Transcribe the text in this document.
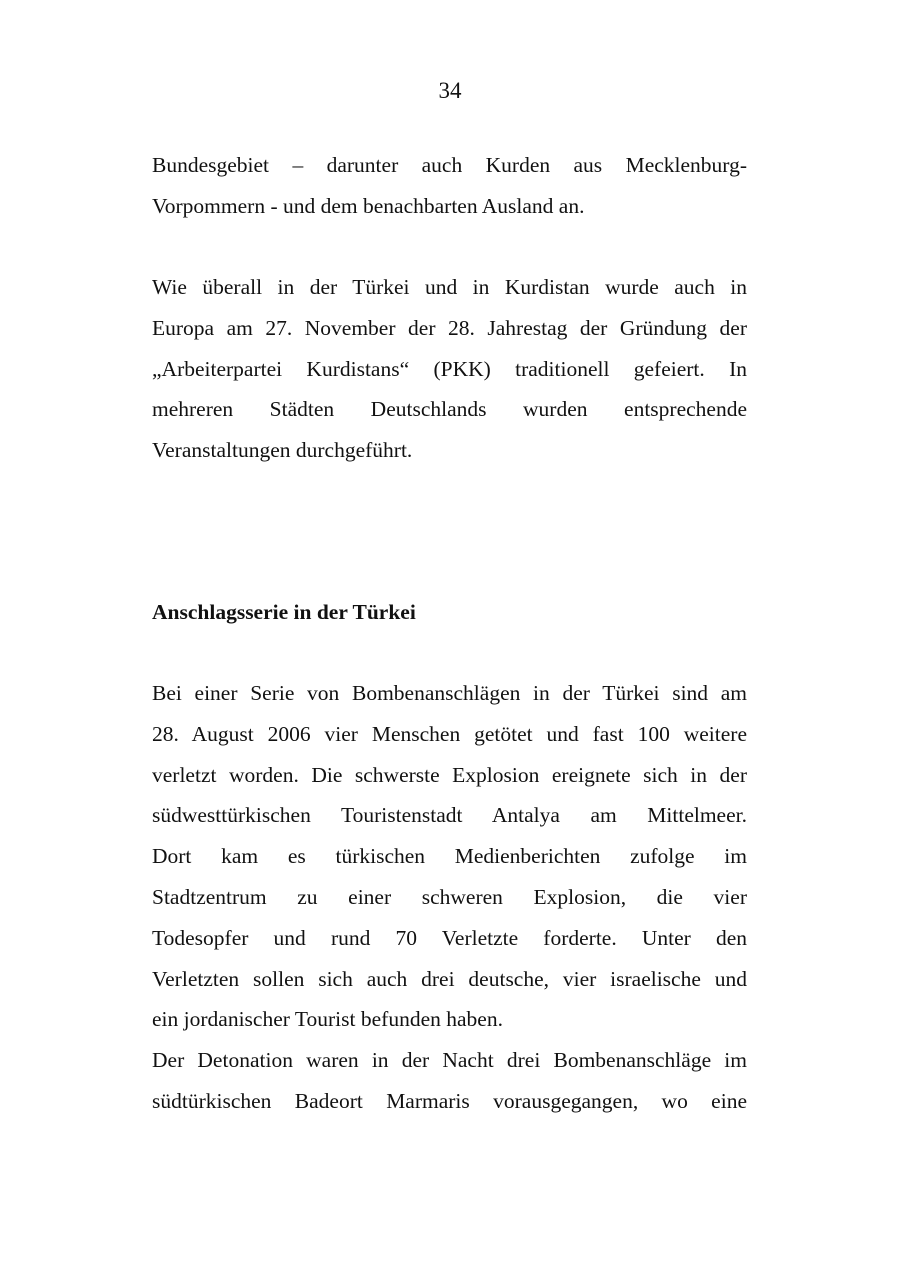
34
Bundesgebiet – darunter auch Kurden aus Mecklenburg-
Vorpommern - und dem benachbarten Ausland an.
Wie überall in der Türkei und in Kurdistan wurde auch in
Europa am 27. November der 28. Jahrestag der Gründung der
„Arbeiterpartei Kurdistans“ (PKK) traditionell gefeiert. In
mehreren Städten Deutschlands wurden entsprechende
Veranstaltungen durchgeführt.
Anschlagsserie in der Türkei
Bei einer Serie von Bombenanschlägen in der Türkei sind am
28. August 2006 vier Menschen getötet und fast 100 weitere
verletzt worden. Die schwerste Explosion ereignete sich in der
südwesttürkischen Touristenstadt Antalya am Mittelmeer.
Dort kam es türkischen Medienberichten zufolge im
Stadtzentrum zu einer schweren Explosion, die vier
Todesopfer und rund 70 Verletzte forderte. Unter den
Verletzten sollen sich auch drei deutsche, vier israelische und
ein jordanischer Tourist befunden haben.
Der Detonation waren in der Nacht drei Bombenanschläge im
südtürkischen Badeort Marmaris vorausgegangen, wo eine
